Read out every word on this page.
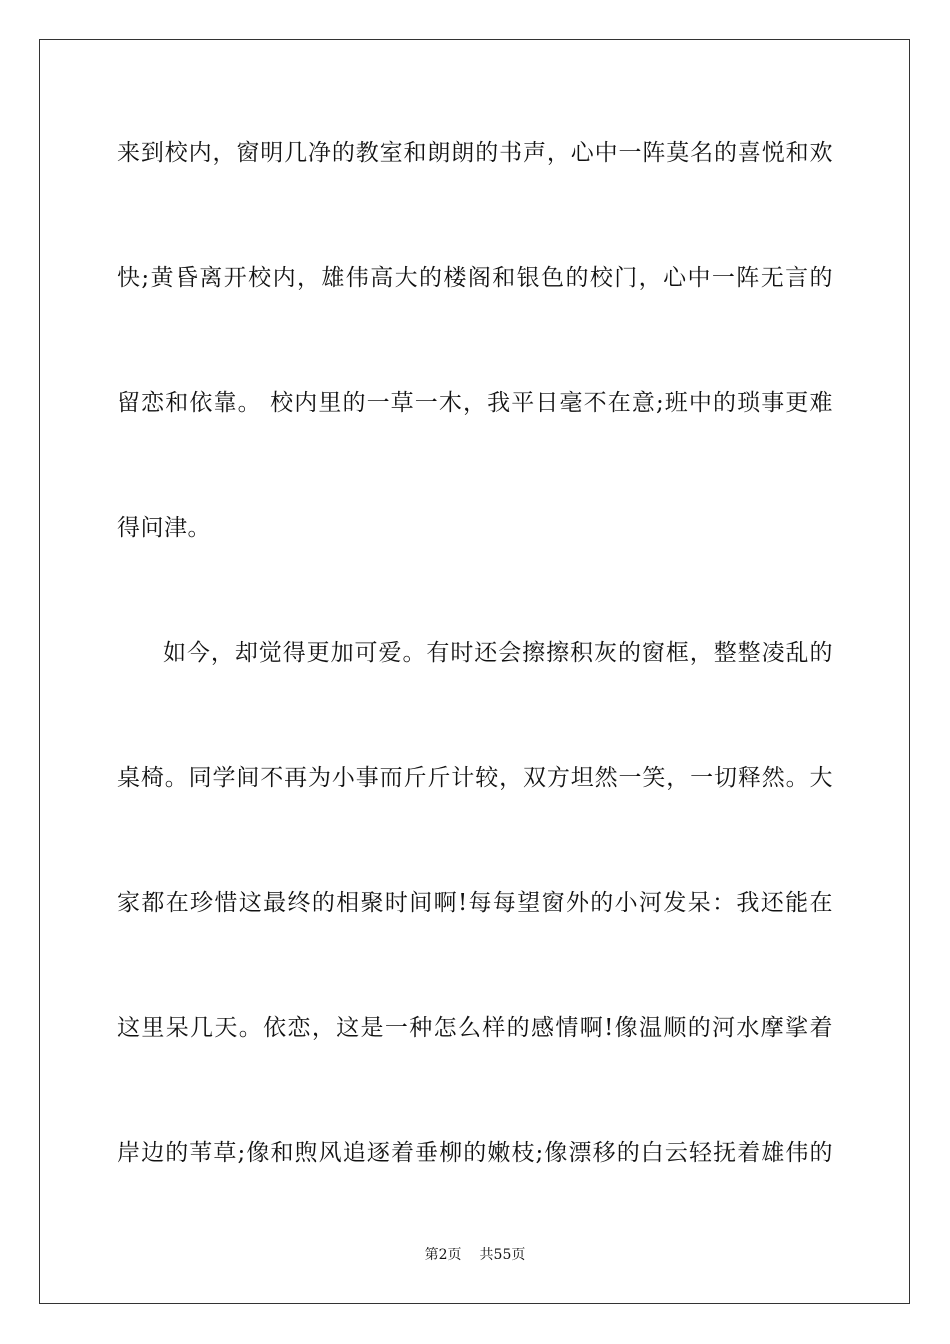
来到校内，窗明几净的教室和朗朗的书声，心中一阵莫名的喜悦和欢
快;黄昏离开校内，雄伟高大的楼阁和银色的校门，心中一阵无言的
留恋和依靠。 校内里的一草一木，我平日毫不在意;班中的琐事更难
得问津。
如今，却觉得更加可爱。有时还会擦擦积灰的窗框，整整凌乱的
桌椅。同学间不再为小事而斤斤计较，双方坦然一笑，一切释然。大
家都在珍惜这最终的相聚时间啊!每每望窗外的小河发呆：我还能在
这里呆几天。依恋，这是一种怎么样的感情啊!像温顺的河水摩挲着
岸边的苇草;像和煦风追逐着垂柳的嫩枝;像漂移的白云轻抚着雄伟的
第2页 共55页
